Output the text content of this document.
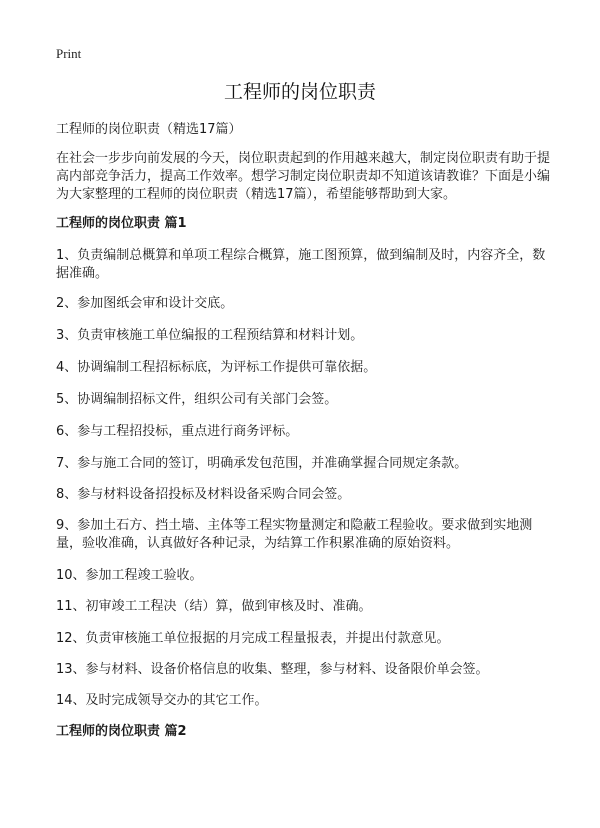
Print
工程师的岗位职责
工程师的岗位职责（精选17篇）

在社会一步步向前发展的今天，岗位职责起到的作用越来越大，制定岗位职责有助于提高内部竞争活力，提高工作效率。想学习制定岗位职责却不知道该请教谁？下面是小编为大家整理的工程师的岗位职责（精选17篇），希望能够帮助到大家。

工程师的岗位职责 篇1

1、负责编制总概算和单项工程综合概算，施工图预算，做到编制及时，内容齐全，数据准确。

2、参加图纸会审和设计交底。

3、负责审核施工单位编报的工程预结算和材料计划。

4、协调编制工程招标标底，为评标工作提供可靠依据。

5、协调编制招标文件，组织公司有关部门会签。

6、参与工程招投标，重点进行商务评标。

7、参与施工合同的签订，明确承发包范围，并准确掌握合同规定条款。

8、参与材料设备招投标及材料设备采购合同会签。

9、参加土石方、挡土墙、主体等工程实物量测定和隐蔽工程验收。要求做到实地测量，验收准确，认真做好各种记录，为结算工作积累准确的原始资料。

10、参加工程竣工验收。

11、初审竣工工程决（结）算，做到审核及时、准确。

12、负责审核施工单位报据的月完成工程量报表，并提出付款意见。

13、参与材料、设备价格信息的收集、整理，参与材料、设备限价单会签。

14、及时完成领导交办的其它工作。

工程师的岗位职责 篇2
